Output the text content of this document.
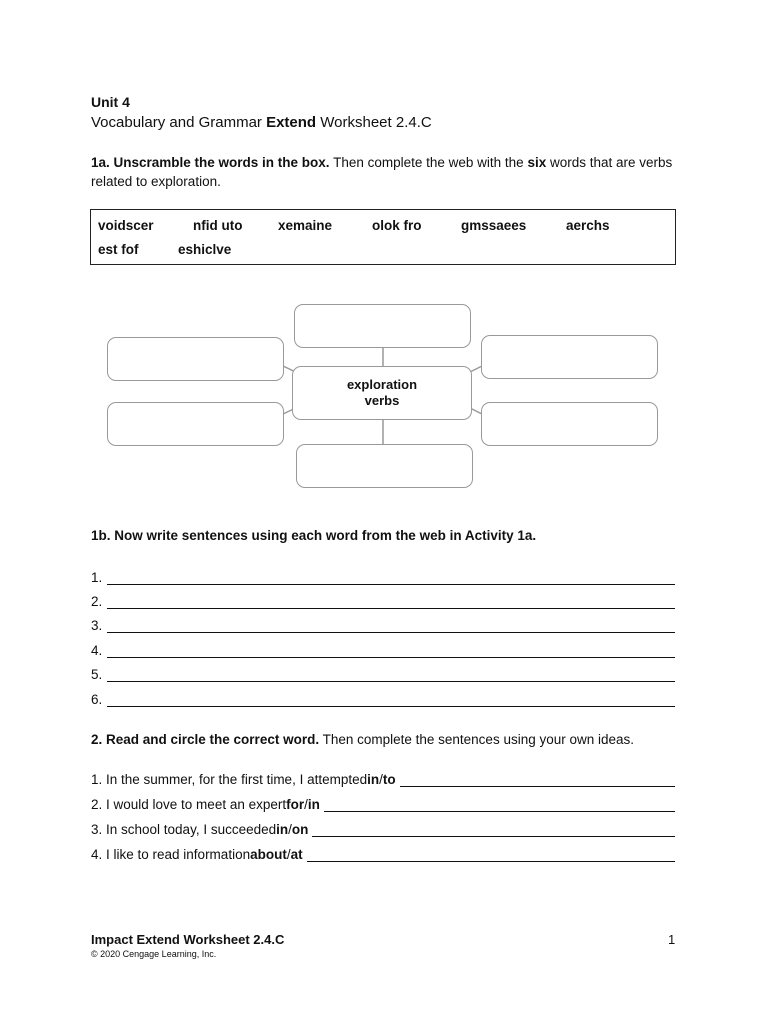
Unit 4
Vocabulary and Grammar Extend Worksheet 2.4.C
1a. Unscramble the words in the box. Then complete the web with the six words that are verbs related to exploration.
voidscer	nfid uto	xemaine	olok fro	gmssaees	aerchs
est fof	eshiclve
exploration
verbs
1b. Now write sentences using each word from the web in Activity 1a.
1.
2.
3.
4.
5.
6.
2. Read and circle the correct word. Then complete the sentences using your own ideas.
1. In the summer, for the first time, I attempted in / to
2. I would love to meet an expert for / in
3. In school today, I succeeded in / on
4. I like to read information about / at
Impact Extend Worksheet 2.4.C
© 2020 Cengage Learning, Inc.
1
